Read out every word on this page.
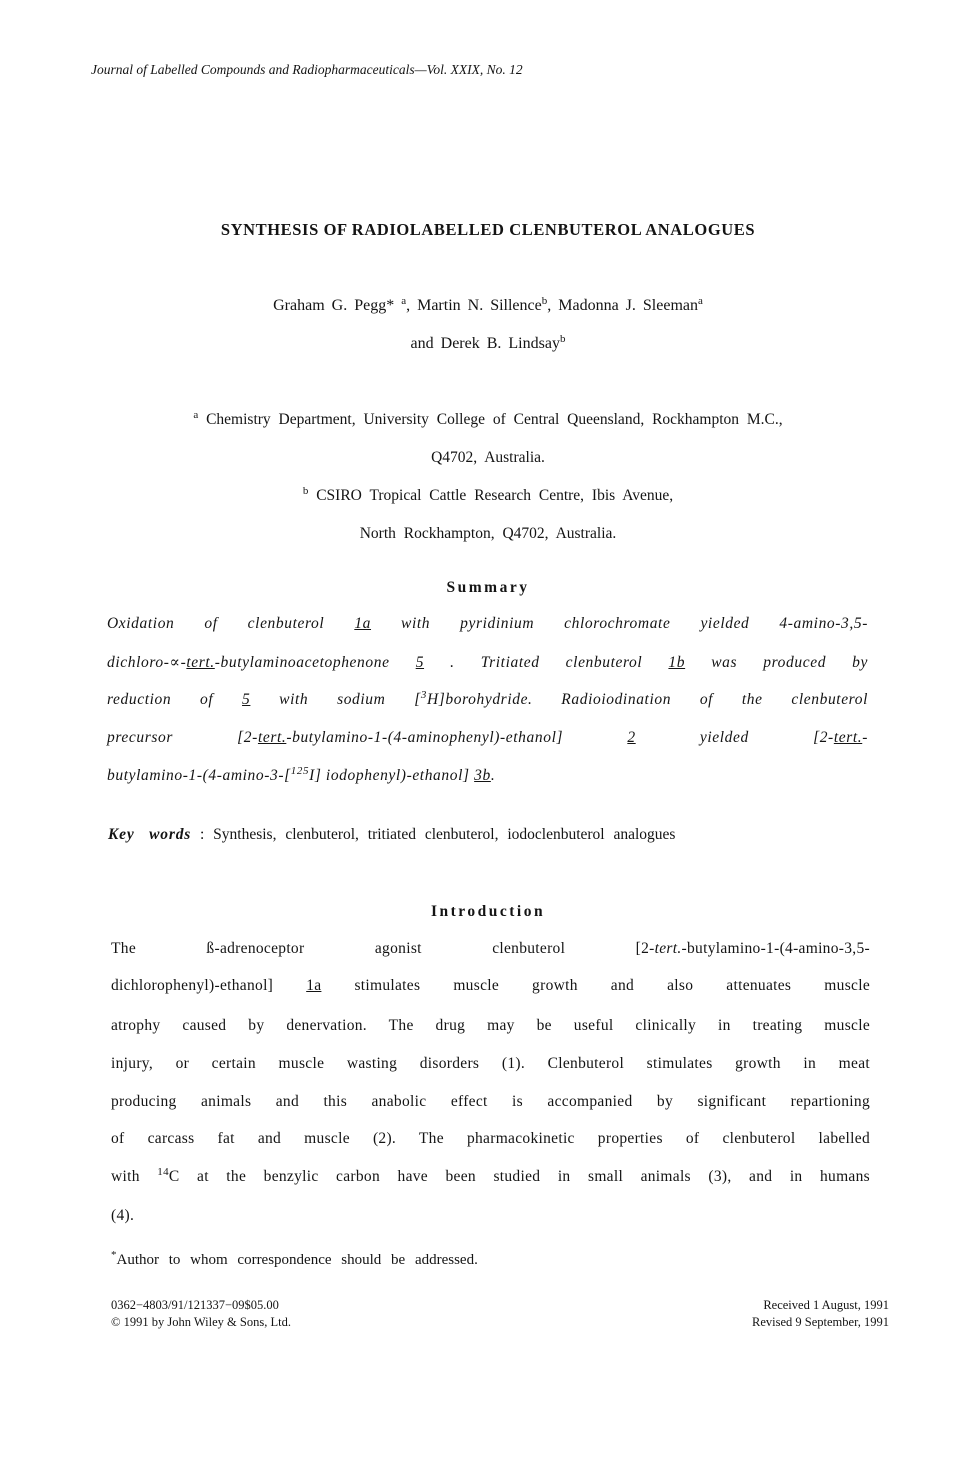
Journal of Labelled Compounds and Radiopharmaceuticals—Vol. XXIX, No. 12
SYNTHESIS OF RADIOLABELLED CLENBUTEROL ANALOGUES
Graham G. Pegg* $^a$, Martin N. Sillence$^b$, Madonna J. Sleeman$^a$
and Derek B. Lindsay$^b$
$^a$ Chemistry Department, University College of Central Queensland, Rockhampton M.C.,
Q4702, Australia.
$^b$ CSIRO Tropical Cattle Research Centre, Ibis Avenue,
North Rockhampton, Q4702, Australia.
Summary
Oxidation of clenbuterol 1a with pyridinium chlorochromate yielded 4-amino-3,5-
dichloro-∝-tert.-butylaminoacetophenone 5 . Tritiated clenbuterol 1b was produced by
reduction of 5 with sodium [$^3$H]borohydride. Radioiodination of the clenbuterol
precursor [2-tert.-butylamino-1-(4-aminophenyl)-ethanol] 2 yielded [2-tert.-
butylamino-1-(4-amino-3-[$^{125}$I] iodophenyl)-ethanol] 3b.
Key words : Synthesis, clenbuterol, tritiated clenbuterol, iodoclenbuterol analogues
Introduction
The ß-adrenoceptor agonist clenbuterol [2-tert.-butylamino-1-(4-amino-3,5-
dichlorophenyl)-ethanol] 1a stimulates muscle growth and also attenuates muscle
atrophy caused by denervation. The drug may be useful clinically in treating muscle
injury, or certain muscle wasting disorders (1). Clenbuterol stimulates growth in meat
producing animals and this anabolic effect is accompanied by significant repartioning
of carcass fat and muscle (2). The pharmacokinetic properties of clenbuterol labelled
with $^{14}$C at the benzylic carbon have been studied in small animals (3), and in humans
(4).
*Author to whom correspondence should be addressed.
0362−4803/91/121337−09$05.00
© 1991 by John Wiley & Sons, Ltd.
Received 1 August, 1991
Revised 9 September, 1991
